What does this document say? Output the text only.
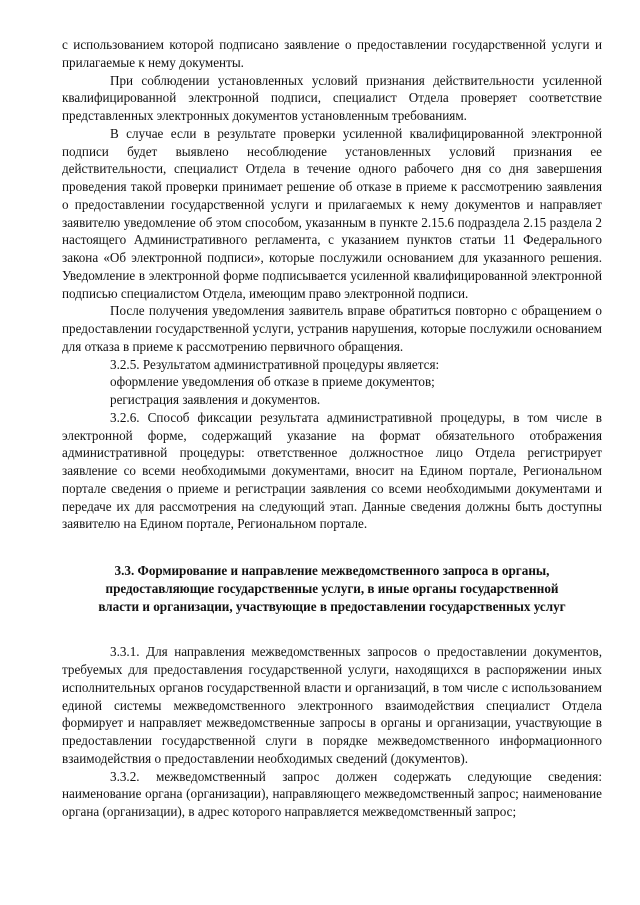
с использованием которой подписано заявление о предоставлении государственной услуги и прилагаемые к нему документы.

При соблюдении установленных условий признания действительности усиленной квалифицированной электронной подписи, специалист Отдела проверяет соответствие представленных электронных документов установленным требованиям.

В случае если в результате проверки усиленной квалифицированной электронной подписи будет выявлено несоблюдение установленных условий признания ее действительности, специалист Отдела в течение одного рабочего дня со дня завершения проведения такой проверки принимает решение об отказе в приеме к рассмотрению заявления о предоставлении государственной услуги и прилагаемых к нему документов и направляет заявителю уведомление об этом способом, указанным в пункте 2.15.6 подраздела 2.15 раздела 2 настоящего Административного регламента, с указанием пунктов статьи 11 Федерального закона «Об электронной подписи», которые послужили основанием для указанного решения. Уведомление в электронной форме подписывается усиленной квалифицированной электронной подписью специалистом Отдела, имеющим право электронной подписи.

После получения уведомления заявитель вправе обратиться повторно с обращением о предоставлении государственной услуги, устранив нарушения, которые послужили основанием для отказа в приеме к рассмотрению первичного обращения.

3.2.5. Результатом административной процедуры является:

оформление уведомления об отказе в приеме документов;

регистрация заявления и документов.

3.2.6. Способ фиксации результата административной процедуры, в том числе в электронной форме, содержащий указание на формат обязательного отображения административной процедуры: ответственное должностное лицо Отдела регистрирует заявление со всеми необходимыми документами, вносит на Едином портале, Региональном портале сведения о приеме и регистрации заявления со всеми необходимыми документами и передаче их для рассмотрения на следующий этап. Данные сведения должны быть доступны заявителю на Едином портале, Региональном портале.

3.3. Формирование и направление межведомственного запроса в органы,
предоставляющие государственные услуги, в иные органы государственной
власти и организации, участвующие в предоставлении государственных услуг

3.3.1. Для направления межведомственных запросов о предоставлении документов, требуемых для предоставления государственной услуги, находящихся в распоряжении иных исполнительных органов государственной власти и организаций, в том числе с использованием единой системы межведомственного электронного взаимодействия специалист Отдела формирует и направляет межведомственные запросы в органы и организации, участвующие в предоставлении государственной слуги в порядке межведомственного информационного взаимодействия о предоставлении необходимых сведений (документов).

3.3.2. межведомственный запрос должен содержать следующие сведения: наименование органа (организации), направляющего межведомственный запрос; наименование органа (организации), в адрес которого направляется межведомственный запрос;
